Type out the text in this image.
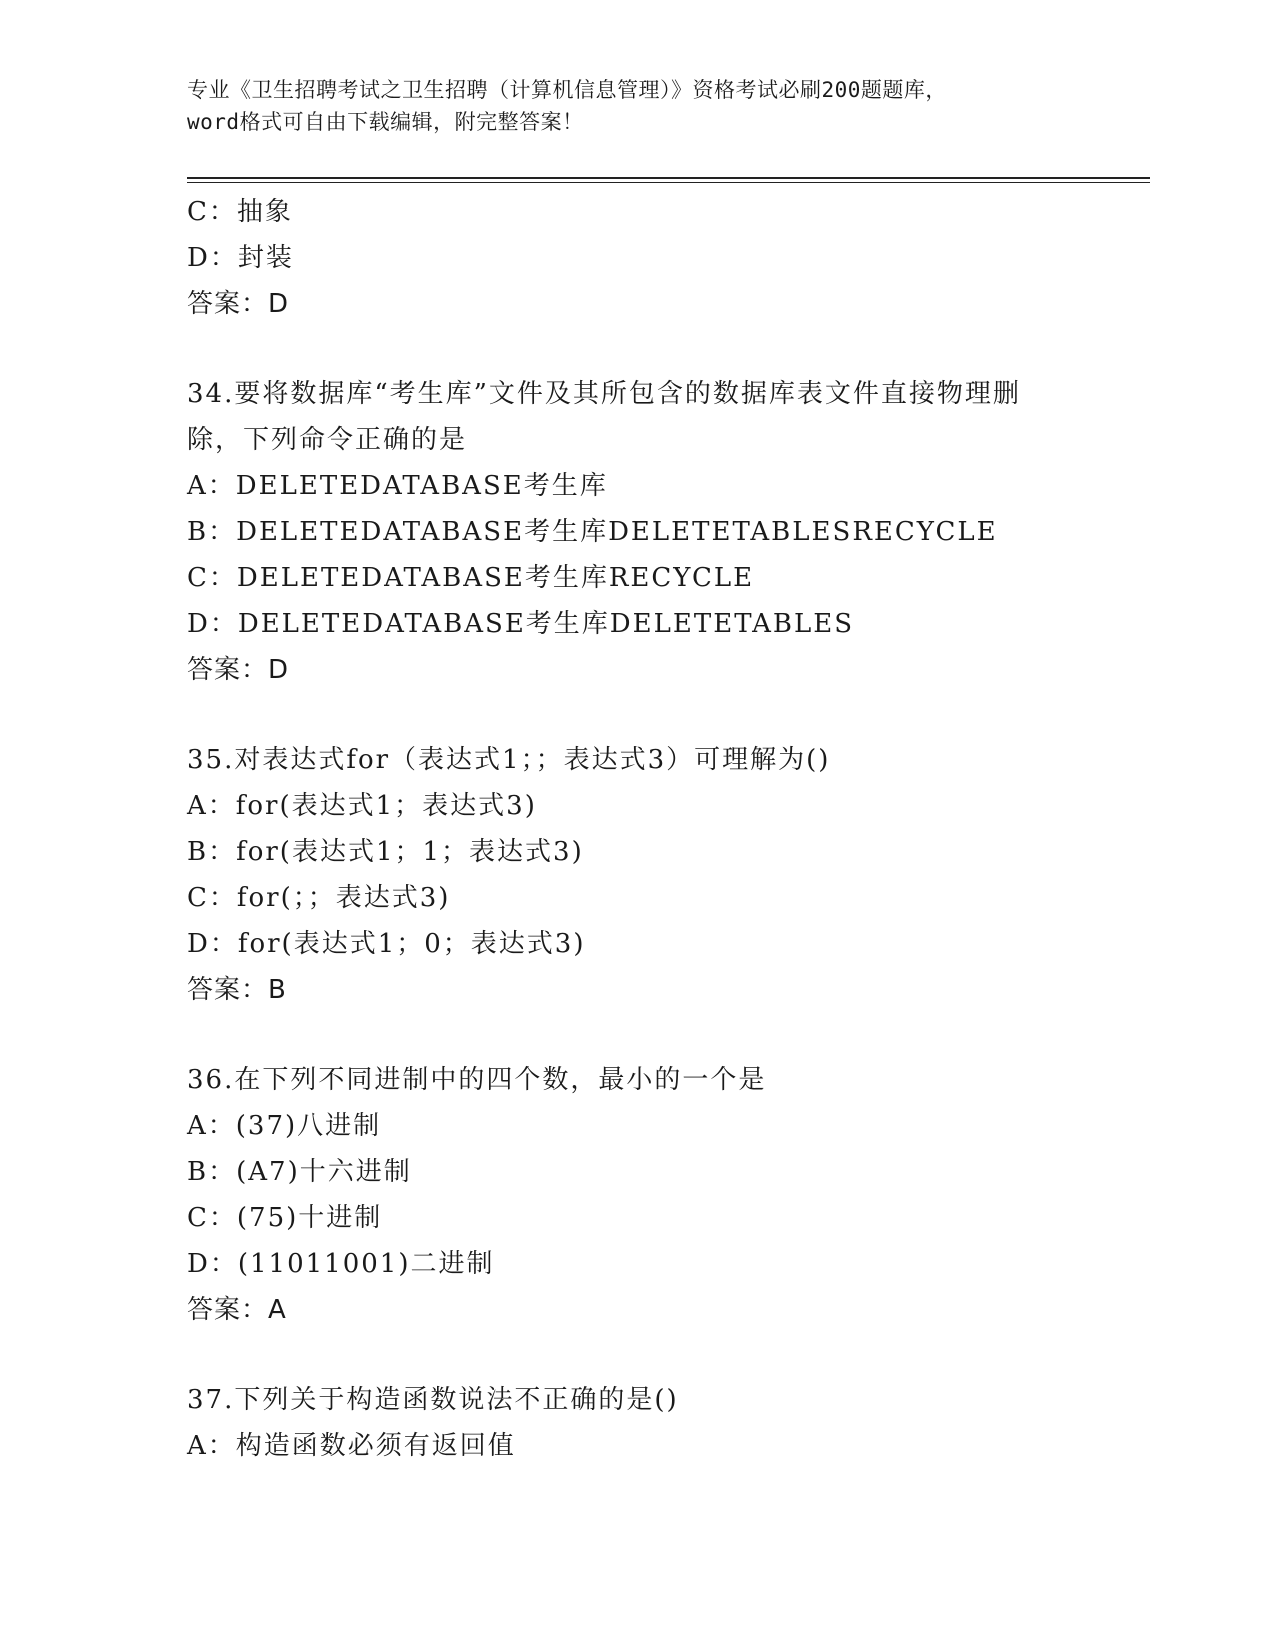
专业《卫生招聘考试之卫生招聘（计算机信息管理）》资格考试必刷200题题库，
word格式可自由下载编辑，附完整答案！
C：抽象
D：封装
答案：D
34.要将数据库“考生库”文件及其所包含的数据库表文件直接物理删
除，下列命令正确的是
A：DELETEDATABASE考生库
B：DELETEDATABASE考生库DELETETABLESRECYCLE
C：DELETEDATABASE考生库RECYCLE
D：DELETEDATABASE考生库DELETETABLES
答案：D
35.对表达式for（表达式1；；表达式3）可理解为()
A：for(表达式1；表达式3)
B：for(表达式1；1；表达式3)
C：for(；；表达式3)
D：for(表达式1；0；表达式3)
答案：B
36.在下列不同进制中的四个数，最小的一个是
A：(37)八进制
B：(A7)十六进制
C：(75)十进制
D：(11011001)二进制
答案：A
37.下列关于构造函数说法不正确的是()
A：构造函数必须有返回值
